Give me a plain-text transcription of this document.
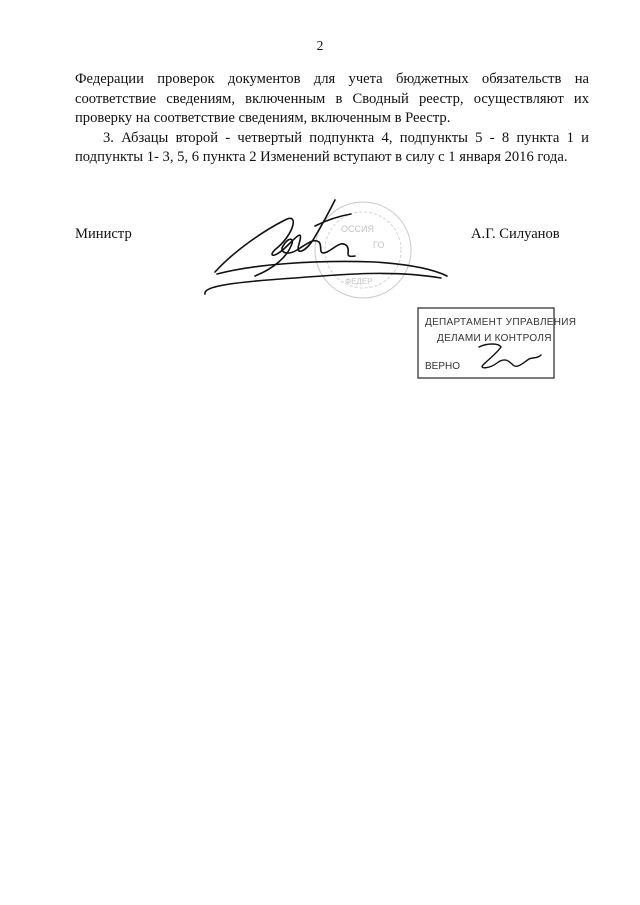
2

Федерации проверок документов для учета бюджетных обязательств на соответствие сведениям, включенным в Сводный реестр, осуществляют их проверку на соответствие сведениям, включенным в Реестр.

3. Абзацы второй - четвертый подпункта 4, подпункты 5 - 8 пункта 1 и подпункты 1- 3, 5, 6 пункта 2 Изменений вступают в силу с 1 января 2016 года.

Министр	А.Г. Силуанов
ОССИЯ
ГО
ФЕДЕР
ДЕПАРТАМЕНТ УПРАВЛЕНИЯ
ДЕЛАМИ И КОНТРОЛЯ
ВЕРНО
